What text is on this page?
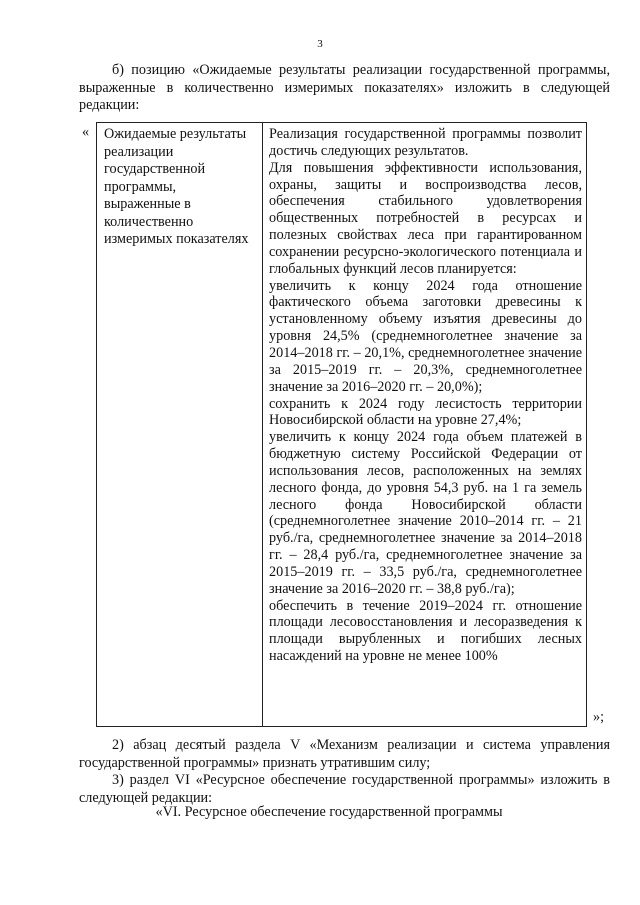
3
б) позицию «Ожидаемые результаты реализации государственной программы, выраженные в количественно измеримых показателях» изложить в следующей редакции:
« Ожидаемые результаты реализации государственной программы, выраженные в количественно измеримых показателях

Реализация государственной программы позволит достичь следующих результатов.

Для повышения эффективности использования, охраны, защиты и воспроизводства лесов, обеспечения стабильного удовлетворения общественных потребностей в ресурсах и полезных свойствах леса при гарантированном сохранении ресурсно-экологического потенциала и глобальных функций лесов планируется:

увеличить к концу 2024 года отношение фактического объема заготовки древесины к установленному объему изъятия древесины до уровня 24,5% (среднемноголетнее значение за 2014–2018 гг. – 20,1%, среднемноголетнее значение за 2015–2019 гг. – 20,3%, среднемноголетнее значение за 2016–2020 гг. – 20,0%);

сохранить к 2024 году лесистость территории Новосибирской области на уровне 27,4%;

увеличить к концу 2024 года объем платежей в бюджетную систему Российской Федерации от использования лесов, расположенных на землях лесного фонда, до уровня 54,3 руб. на 1 га земель лесного фонда Новосибирской области (среднемноголетнее значение 2010–2014 гг. – 21 руб./га, среднемноголетнее значение за 2014–2018 гг. – 28,4 руб./га, среднемноголетнее значение за 2015–2019 гг. – 33,5 руб./га, среднемноголетнее значение за 2016–2020 гг. – 38,8 руб./га);

обеспечить в течение 2019–2024 гг. отношение площади лесовосстановления и лесоразведения к площади вырубленных и погибших лесных насаждений на уровне не менее 100%

»;
2) абзац десятый раздела V «Механизм реализации и система управления государственной программы» признать утратившим силу;
3) раздел VI «Ресурсное обеспечение государственной программы» изложить в следующей редакции:
«VI. Ресурсное обеспечение государственной программы
